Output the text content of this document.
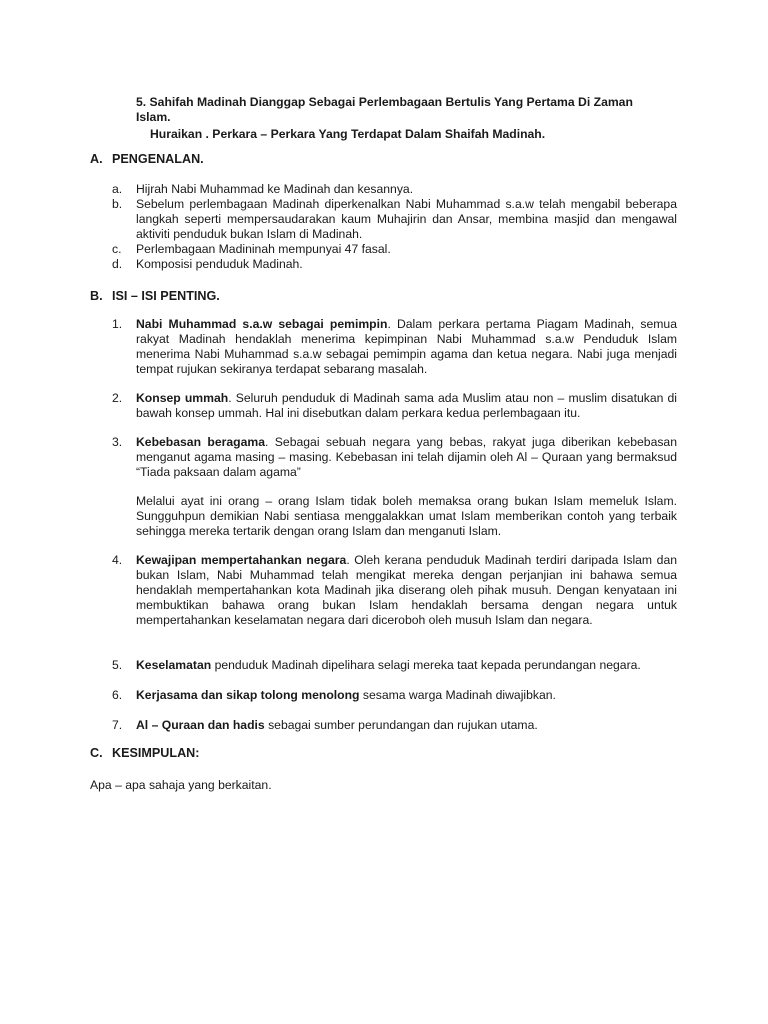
5. Sahifah Madinah Dianggap Sebagai Perlembagaan Bertulis Yang Pertama Di Zaman
Islam.
Huraikan . Perkara – Perkara Yang Terdapat Dalam Shaifah Madinah.
A. PENGENALAN.
a. Hijrah Nabi Muhammad ke Madinah dan kesannya.
b. Sebelum perlembagaan Madinah diperkenalkan Nabi Muhammad s.a.w telah mengabil beberapa langkah seperti mempersaudarakan kaum Muhajirin dan Ansar, membina masjid dan mengawal aktiviti penduduk bukan Islam di Madinah.
c. Perlembagaan Madininah mempunyai 47 fasal.
d. Komposisi penduduk Madinah.
B. ISI – ISI PENTING.
1. Nabi Muhammad s.a.w sebagai pemimpin. Dalam perkara pertama Piagam Madinah, semua rakyat Madinah hendaklah menerima kepimpinan Nabi Muhammad s.a.w Penduduk Islam menerima Nabi Muhammad s.a.w sebagai pemimpin agama dan ketua negara. Nabi juga menjadi tempat rujukan sekiranya terdapat sebarang masalah.
2. Konsep ummah. Seluruh penduduk di Madinah sama ada Muslim atau non – muslim disatukan di bawah konsep ummah. Hal ini disebutkan dalam perkara kedua perlembagaan itu.
3. Kebebasan beragama. Sebagai sebuah negara yang bebas, rakyat juga diberikan kebebasan menganut agama masing – masing. Kebebasan ini telah dijamin oleh Al – Quraan yang bermaksud “Tiada paksaan dalam agama”
Melalui ayat ini orang – orang Islam tidak boleh memaksa orang bukan Islam memeluk Islam. Sungguhpun demikian Nabi sentiasa menggalakkan umat Islam memberikan contoh yang terbaik sehingga mereka tertarik dengan orang Islam dan menganuti Islam.
4. Kewajipan mempertahankan negara. Oleh kerana penduduk Madinah terdiri daripada Islam dan bukan Islam, Nabi Muhammad telah mengikat mereka dengan perjanjian ini bahawa semua hendaklah mempertahankan kota Madinah jika diserang oleh pihak musuh. Dengan kenyataan ini membuktikan bahawa orang bukan Islam hendaklah bersama dengan negara untuk mempertahankan keselamatan negara dari diceroboh oleh musuh Islam dan negara.
5. Keselamatan penduduk Madinah dipelihara selagi mereka taat kepada perundangan negara.
6. Kerjasama dan sikap tolong menolong sesama warga Madinah diwajibkan.
7. Al – Quraan dan hadis sebagai sumber perundangan dan rujukan utama.
C. KESIMPULAN:
Apa – apa sahaja yang berkaitan.
